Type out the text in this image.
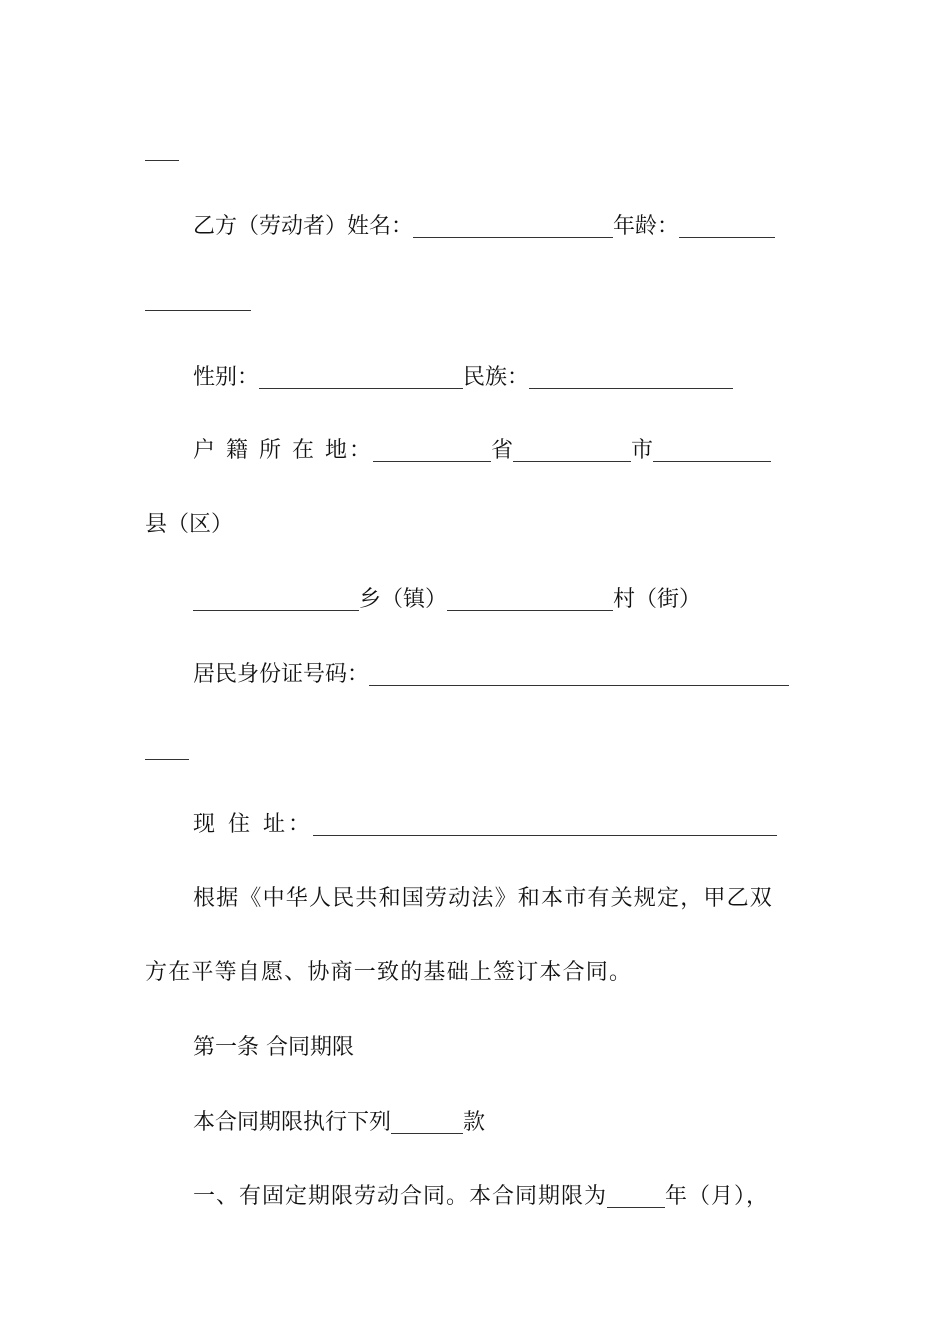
乙方（劳动者）姓名：	年龄：
性别：	民族：
户 籍 所 在 地：	省	市
县（区）
乡（镇）	村（街）
居民身份证号码：
现 住 址：
根据《中华人民共和国劳动法》和本市有关规定，甲乙双
方在平等自愿、协商一致的基础上签订本合同。
第一条 合同期限
本合同期限执行下列	款
一、有固定期限劳动合同。本合同期限为	年（月），
